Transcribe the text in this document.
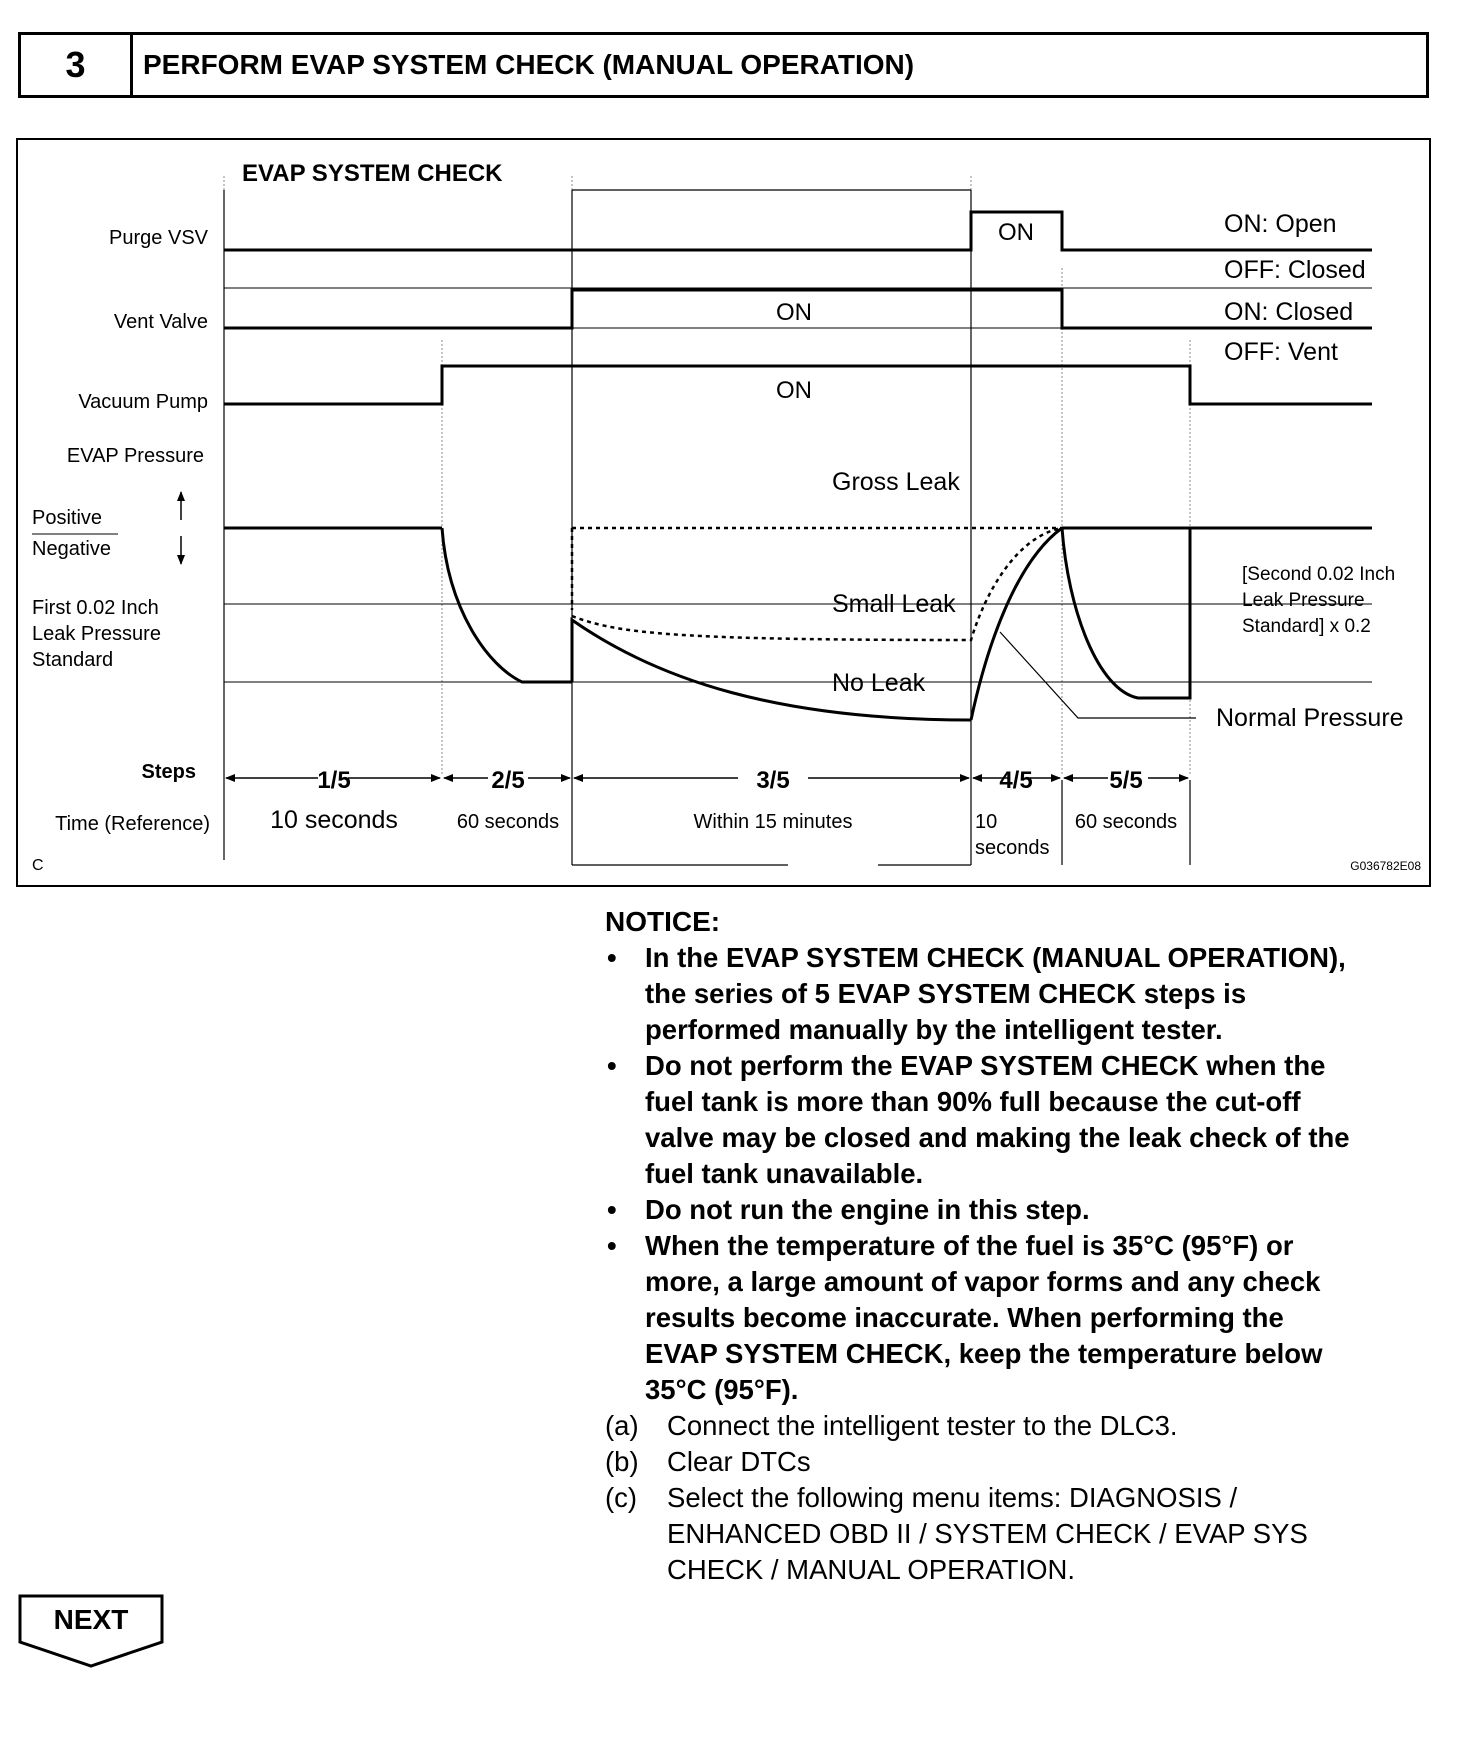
3	PERFORM EVAP SYSTEM CHECK (MANUAL OPERATION)
EVAP SYSTEM CHECK
Purge VSV
Vent Valve
Vacuum Pump
EVAP Pressure
Positive
Negative
First 0.02 Inch
Leak Pressure
Standard
Steps
Time (Reference)
ON
ON
ON
ON: Open
OFF: Closed
ON: Closed
OFF: Vent
Gross Leak
Small Leak
No Leak
Normal Pressure
[Second 0.02 Inch
Leak Pressure
Standard] x 0.2
1/5	2/5	3/5	4/5	5/5
10 seconds	60 seconds	Within 15 minutes	10
seconds
60 seconds
C	G036782E08
NOTICE:
• In the EVAP SYSTEM CHECK (MANUAL OPERATION),
the series of 5 EVAP SYSTEM CHECK steps is
performed manually by the intelligent tester.
• Do not perform the EVAP SYSTEM CHECK when the
fuel tank is more than 90% full because the cut-off
valve may be closed and making the leak check of the
fuel tank unavailable.
• Do not run the engine in this step.
• When the temperature of the fuel is 35°C (95°F) or
more, a large amount of vapor forms and any check
results become inaccurate. When performing the
EVAP SYSTEM CHECK, keep the temperature below
35°C (95°F).
(a) Connect the intelligent tester to the DLC3.
(b) Clear DTCs
(c) Select the following menu items: DIAGNOSIS /
ENHANCED OBD II / SYSTEM CHECK / EVAP SYS
CHECK / MANUAL OPERATION.
NEXT
